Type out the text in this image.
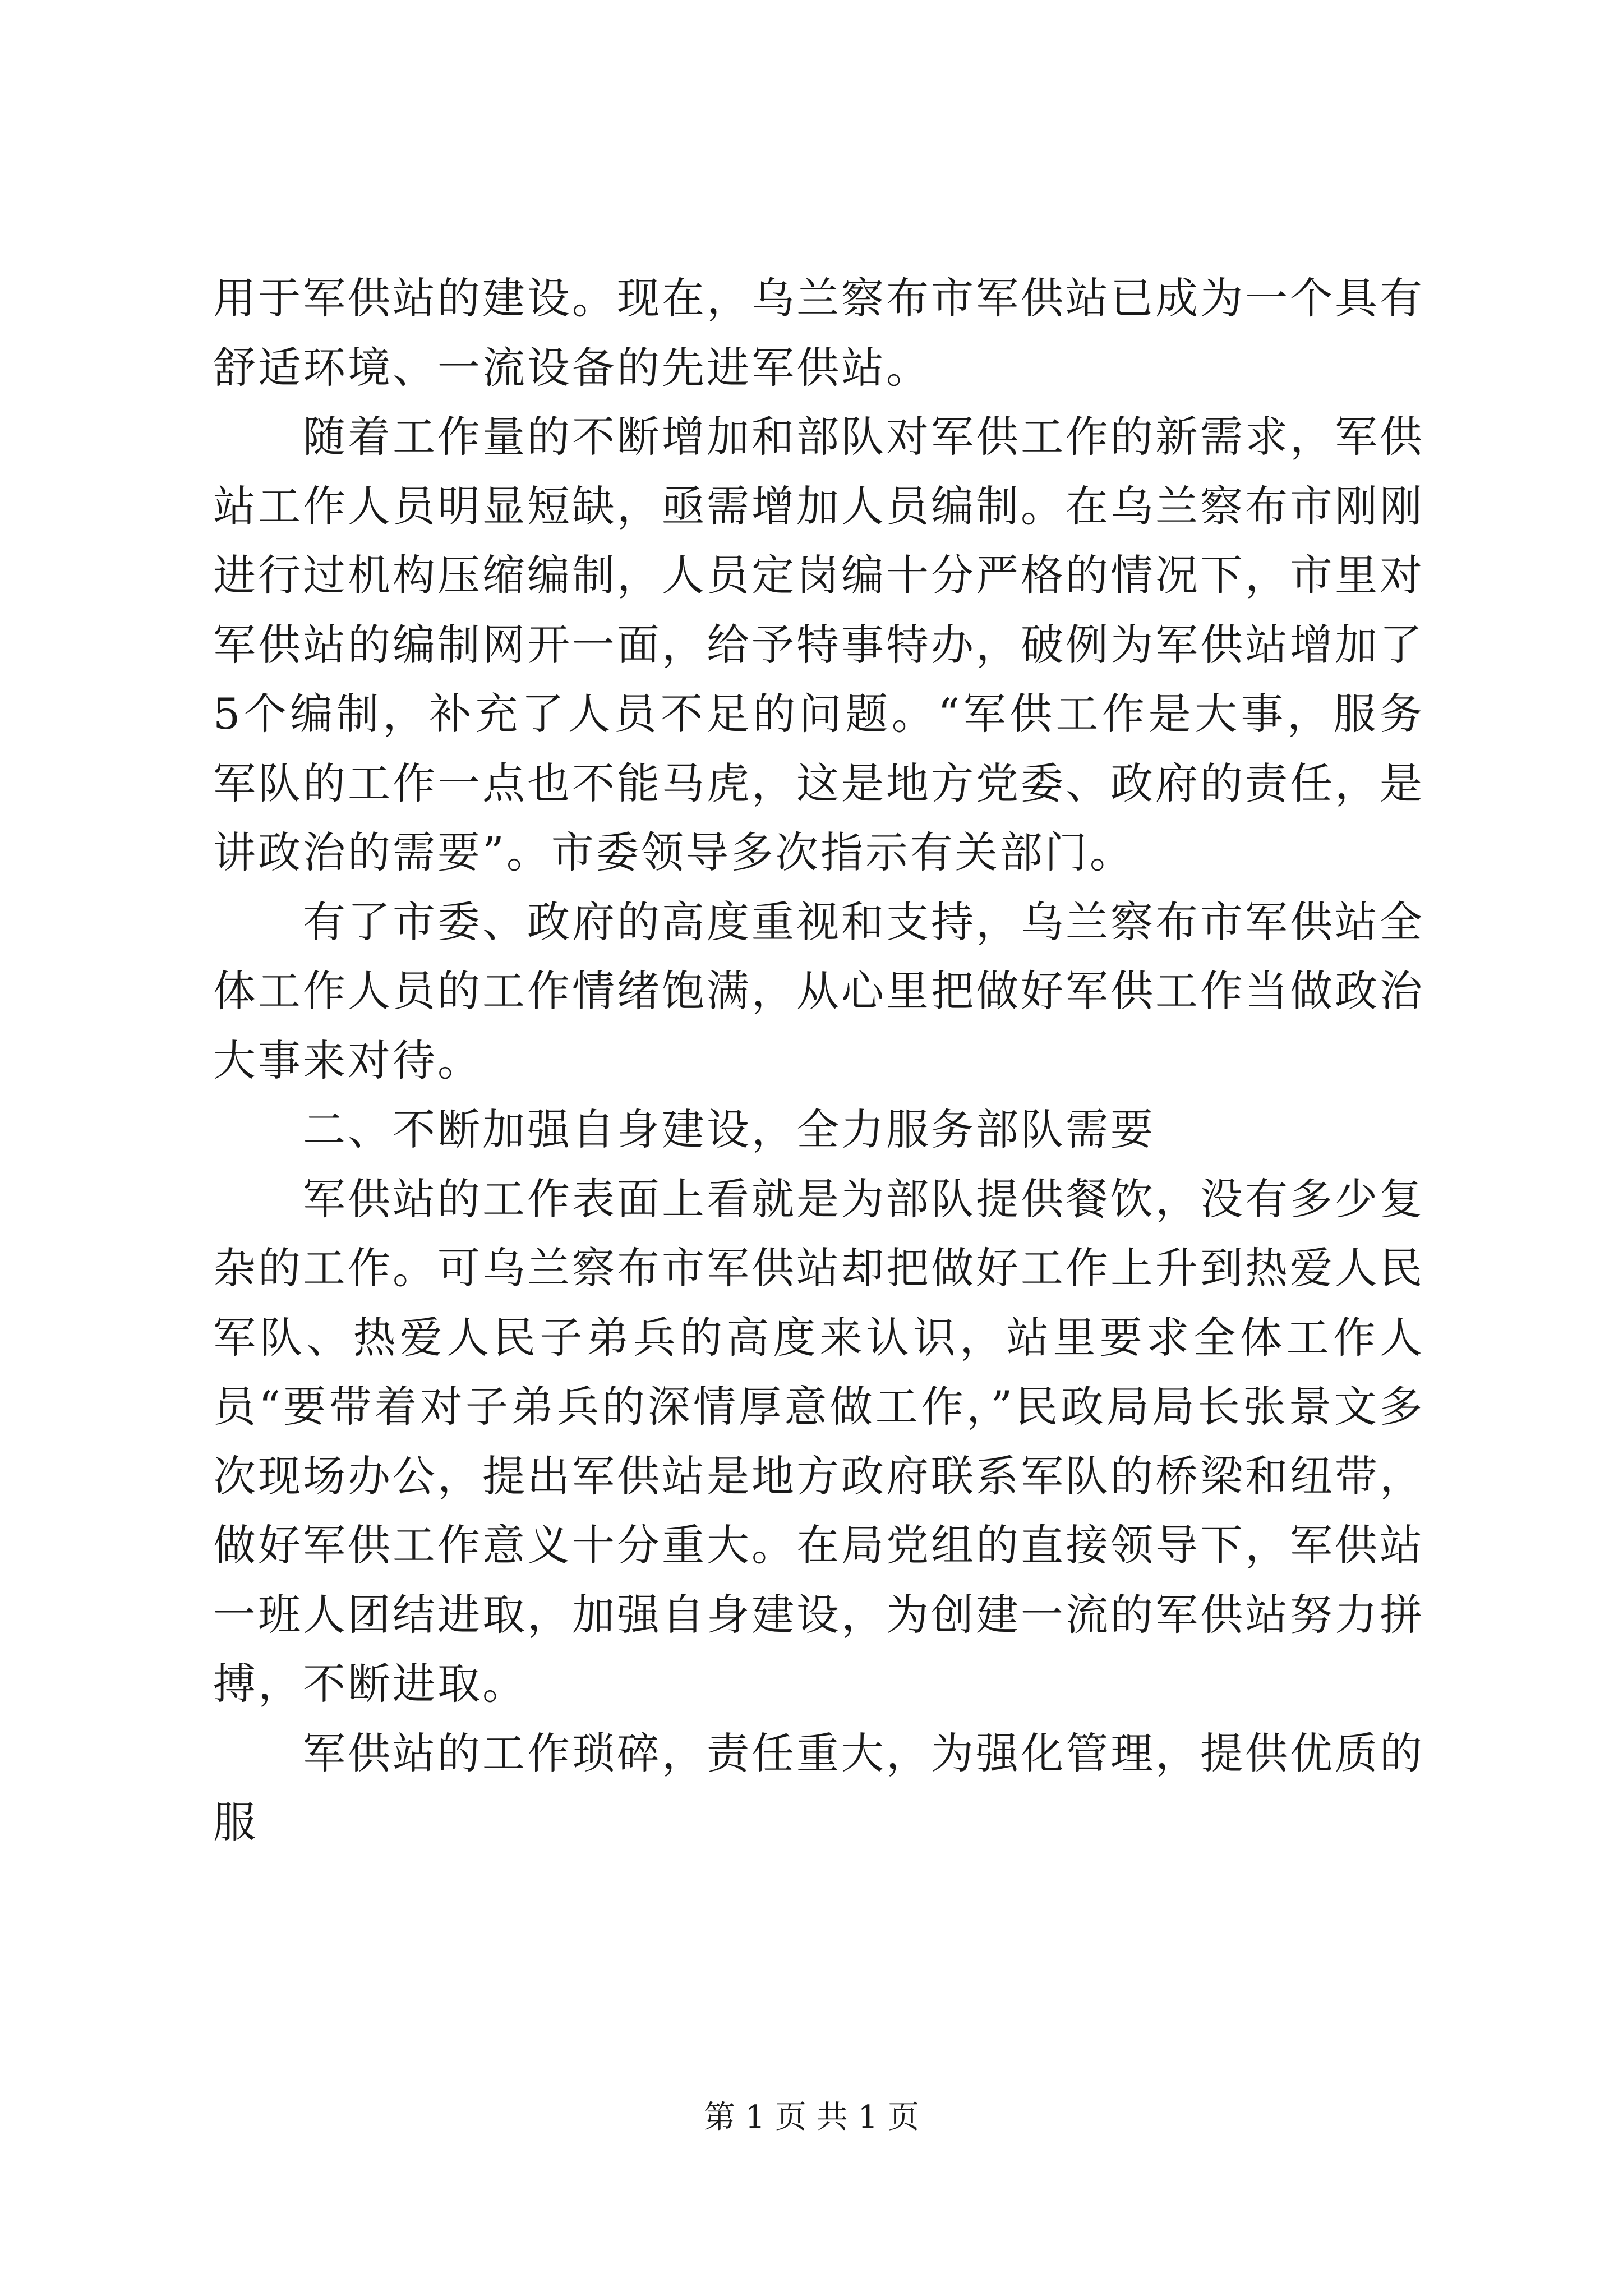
用于军供站的建设。现在，乌兰察布市军供站已成为一个具有舒适环境、一流设备的先进军供站。

随着工作量的不断增加和部队对军供工作的新需求，军供站工作人员明显短缺，亟需增加人员编制。在乌兰察布市刚刚进行过机构压缩编制，人员定岗编十分严格的情况下，市里对军供站的编制网开一面，给予特事特办，破例为军供站增加了5个编制，补充了人员不足的问题。“军供工作是大事，服务军队的工作一点也不能马虎，这是地方党委、政府的责任，是讲政治的需要”。市委领导多次指示有关部门。

有了市委、政府的高度重视和支持，乌兰察布市军供站全体工作人员的工作情绪饱满，从心里把做好军供工作当做政治大事来对待。

二、不断加强自身建设，全力服务部队需要

军供站的工作表面上看就是为部队提供餐饮，没有多少复杂的工作。可乌兰察布市军供站却把做好工作上升到热爱人民军队、热爱人民子弟兵的高度来认识，站里要求全体工作人员“要带着对子弟兵的深情厚意做工作，”民政局局长张景文多次现场办公，提出军供站是地方政府联系军队的桥梁和纽带，做好军供工作意义十分重大。在局党组的直接领导下，军供站一班人团结进取，加强自身建设，为创建一流的军供站努力拼搏，不断进取。

军供站的工作琐碎，责任重大，为强化管理，提供优质的服

第 1 页 共 1 页
